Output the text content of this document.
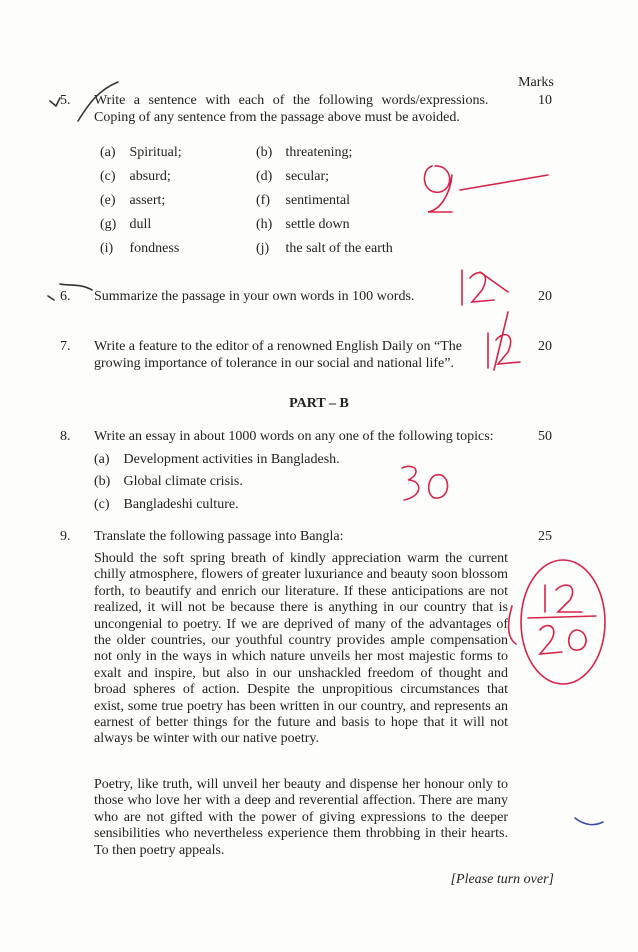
Marks
5. Write a sentence with each of the following words/expressions.
Coping of any sentence from the passage above must be avoided.
10
(a) Spiritual;	(b) threatening;
(c) absurd;	(d) secular;
(e) assert;	(f) sentimental
(g) dull	(h) settle down
(i) fondness	(j) the salt of the earth
6. Summarize the passage in your own words in 100 words.	20
7. Write a feature to the editor of a renowned English Daily on “The
growing importance of tolerance in our social and national life”.
20
PART – B
8. Write an essay in about 1000 words on any one of the following topics:	50
(a) Development activities in Bangladesh.
(b) Global climate crisis.
(c) Bangladeshi culture.
9. Translate the following passage into Bangla:	25
Should the soft spring breath of kindly appreciation warm the current chilly atmosphere, flowers of greater luxuriance and beauty soon blossom forth, to beautify and enrich our literature. If these anticipations are not realized, it will not be because there is anything in our country that is uncongenial to poetry. If we are deprived of many of the advantages of the older countries, our youthful country provides ample compensation not only in the ways in which nature unveils her most majestic forms to exalt and inspire, but also in our unshackled freedom of thought and broad spheres of action. Despite the unpropitious circumstances that exist, some true poetry has been written in our country, and represents an earnest of better things for the future and basis to hope that it will not always be winter with our native poetry.
Poetry, like truth, will unveil her beauty and dispense her honour only to those who love her with a deep and reverential affection. There are many who are not gifted with the power of giving expressions to the deeper sensibilities who nevertheless experience them throbbing in their hearts. To then poetry appeals.
[Please turn over]
